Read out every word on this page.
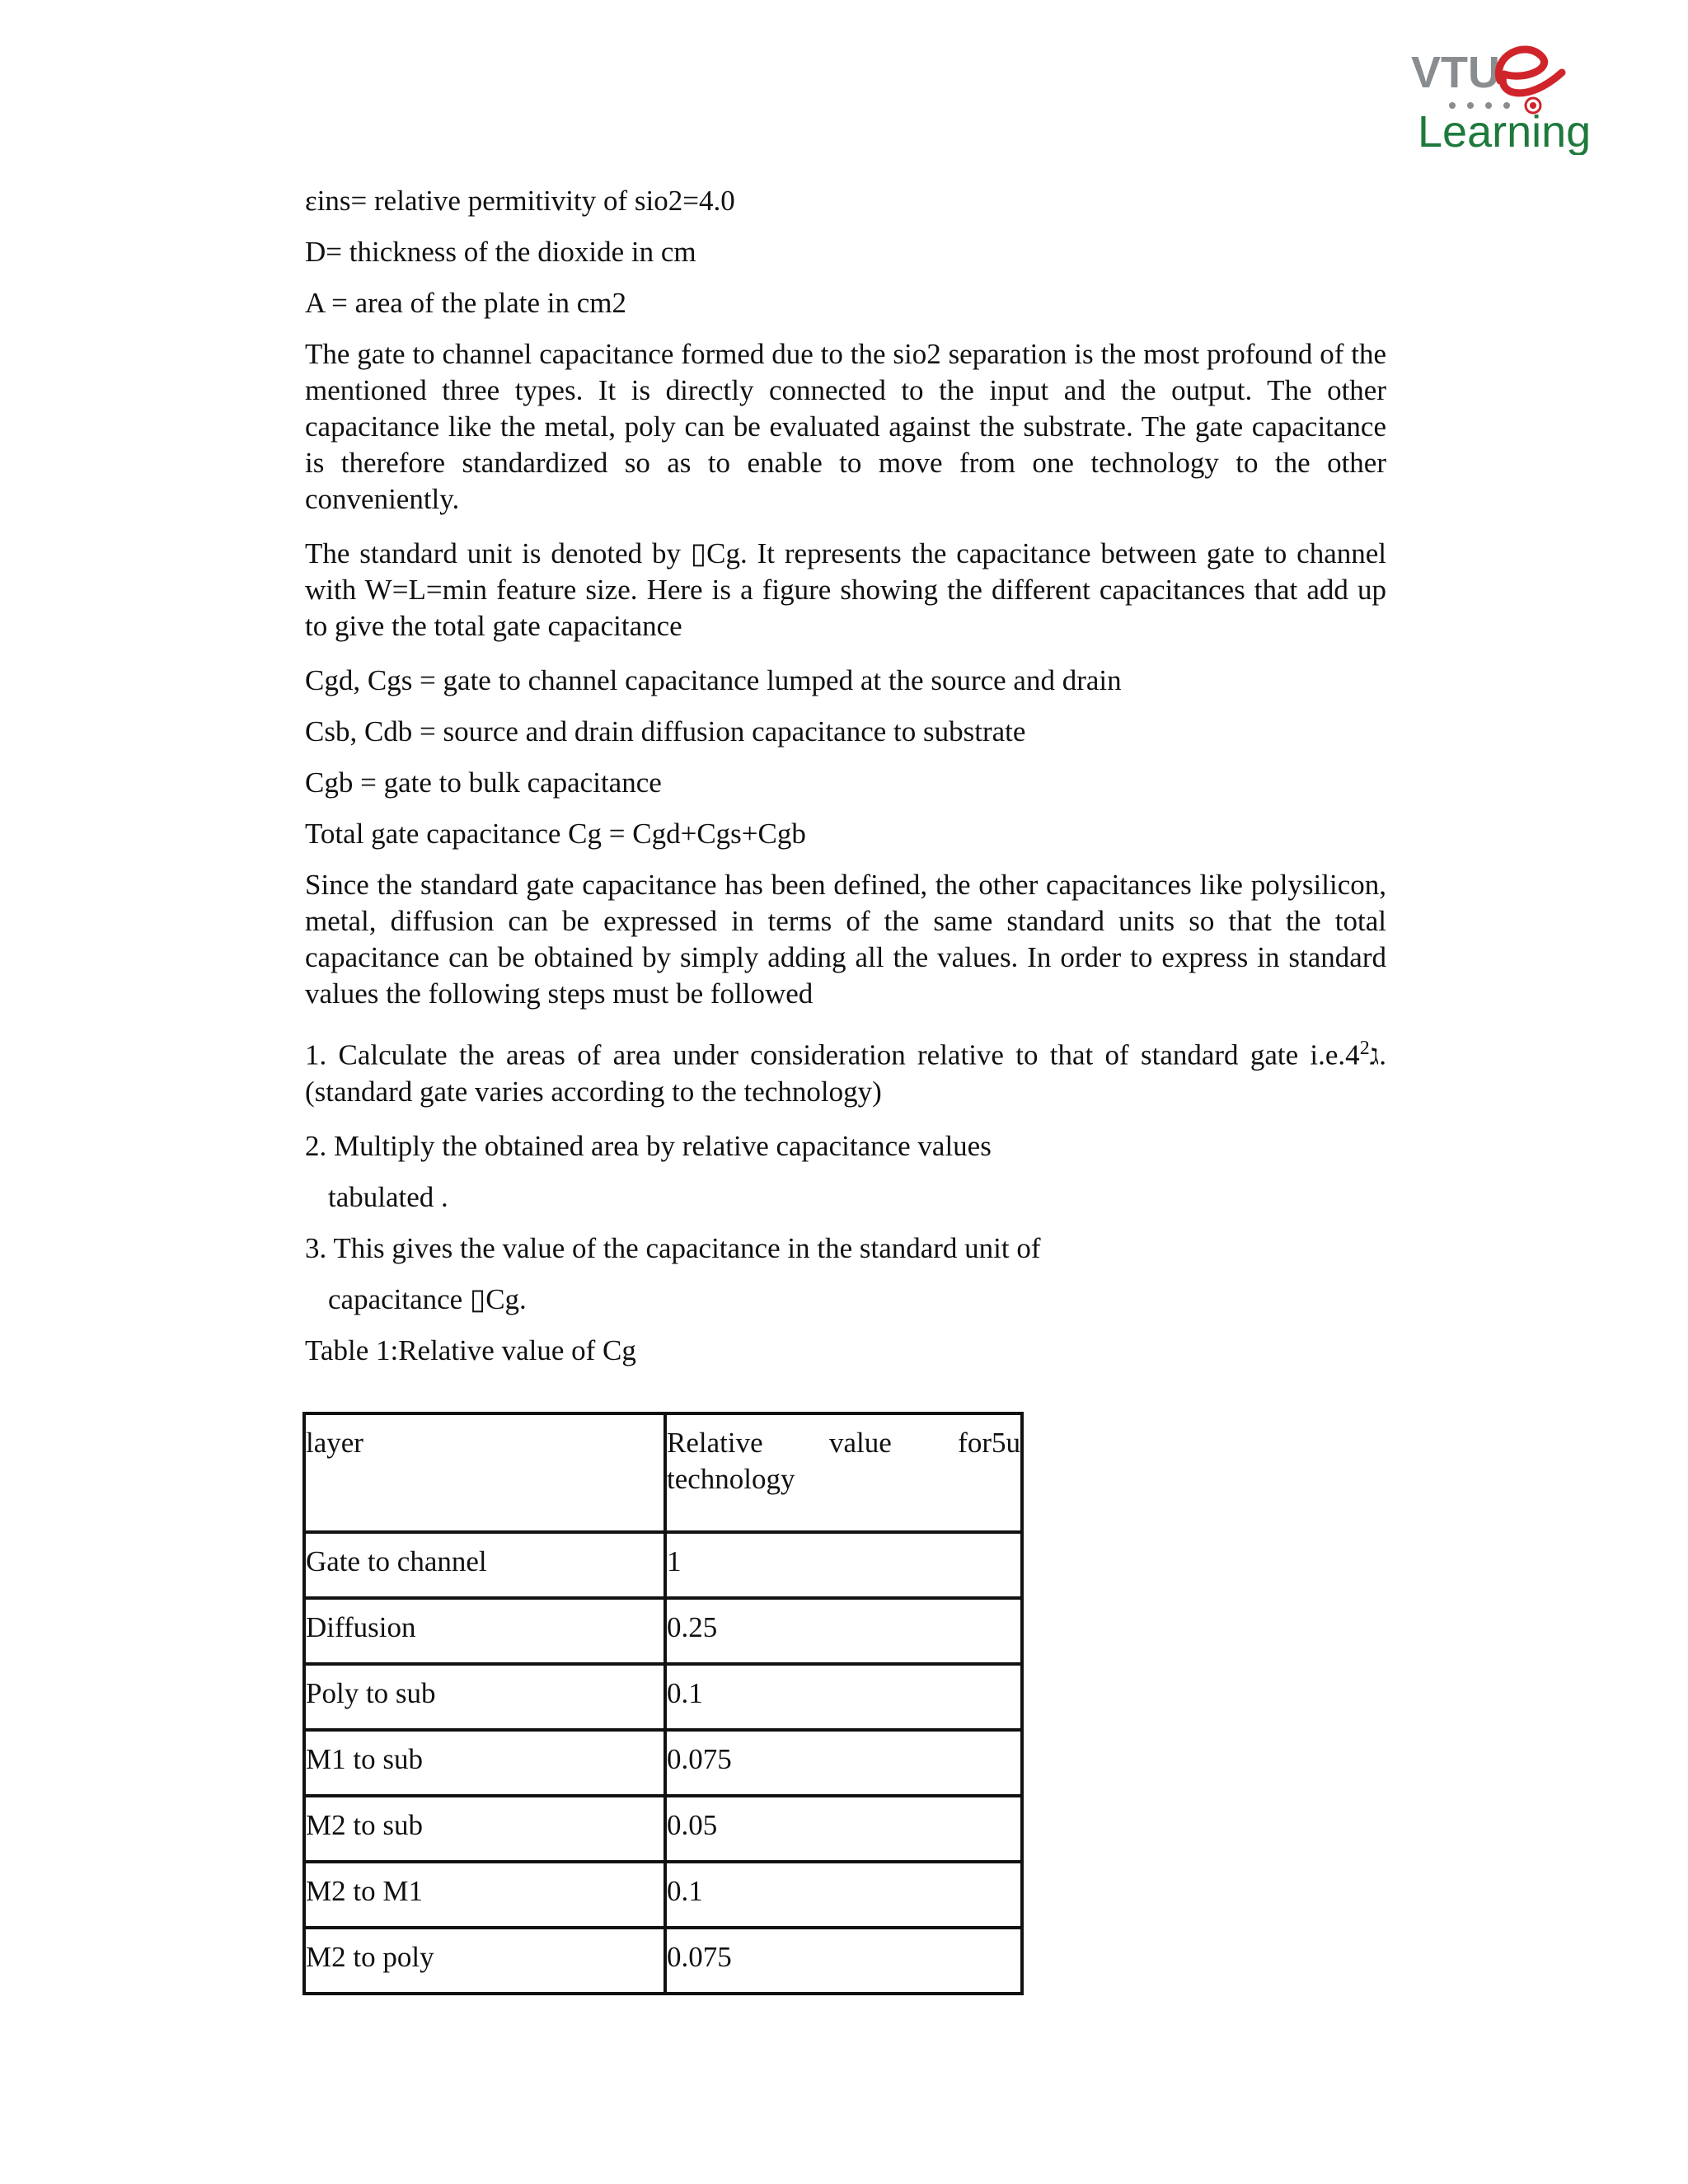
VTU
Learning

εins= relative permitivity of sio2=4.0

D= thickness of the dioxide in cm

A = area of the plate in cm2

The gate to channel capacitance formed due to the sio2 separation is the most profound of the mentioned three types. It is directly connected to the input and the output. The other capacitance like the metal, poly can be evaluated against the substrate. The gate capacitance is therefore standardized so as to enable to move from one technology to the other conveniently.

The standard unit is denoted by ▯Cg. It represents the capacitance between gate to channel with W=L=min feature size. Here is a figure showing the different capacitances that add up to give the total gate capacitance

Cgd, Cgs = gate to channel capacitance lumped at the source and drain

Csb, Cdb = source and drain diffusion capacitance to substrate

Cgb = gate to bulk capacitance

Total gate capacitance Cg = Cgd+Cgs+Cgb

Since the standard gate capacitance has been defined, the other capacitances like polysilicon, metal, diffusion can be expressed in terms of the same standard units so that the total capacitance can be obtained by simply adding all the values. In order to express in standard values the following steps must be followed

1. Calculate the areas of area under consideration relative to that of standard gate i.e.4 ג$^2$ . (standard gate varies according to the technology)

2. Multiply the obtained area by relative capacitance values

tabulated .

3. This gives the value of the capacitance in the standard unit of

capacitance ▯Cg.

Table 1:Relative value of Cg

layer	Relative value for5u
technology

Gate to channel	1
Diffusion	0.25
Poly to sub	0.1
M1 to sub	0.075
M2 to sub	0.05
M2 to M1	0.1
M2 to poly	0.075
